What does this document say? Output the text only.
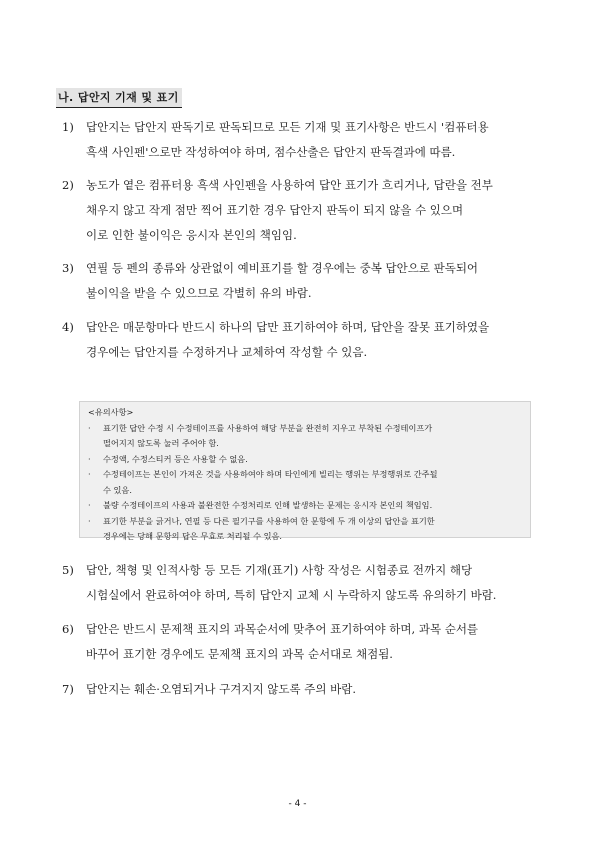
나. 답안지 기재 및 표기
1) 답안지는 답안지 판독기로 판독되므로 모든 기재 및 표기사항은 반드시 '컴퓨터용
흑색 사인펜'으로만 작성하여야 하며, 점수산출은 답안지 판독결과에 따름.
2) 농도가 옅은 컴퓨터용 흑색 사인펜을 사용하여 답안 표기가 흐리거나, 답란을 전부
채우지 않고 작게 점만 찍어 표기한 경우 답안지 판독이 되지 않을 수 있으며
이로 인한 불이익은 응시자 본인의 책임임.
3) 연필 등 펜의 종류와 상관없이 예비표기를 할 경우에는 중복 답안으로 판독되어
불이익을 받을 수 있으므로 각별히 유의 바람.
4) 답안은 매문항마다 반드시 하나의 답만 표기하여야 하며, 답안을 잘못 표기하였을
경우에는 답안지를 수정하거나 교체하여 작성할 수 있음.
<유의사항>
· 표기한 답안 수정 시 수정테이프를 사용하여 해당 부분을 완전히 지우고 부착된 수정테이프가
떨어지지 않도록 눌러 주어야 함.
· 수정액, 수정스티커 등은 사용할 수 없음.
· 수정테이프는 본인이 가져온 것을 사용하여야 하며 타인에게 빌리는 행위는 부정행위로 간주될
수 있음.
· 불량 수정테이프의 사용과 불완전한 수정처리로 인해 발생하는 문제는 응시자 본인의 책임임.
· 표기한 부분을 긁거나, 연필 등 다른 필기구를 사용하여 한 문항에 두 개 이상의 답안을 표기한
경우에는 당해 문항의 답은 무효로 처리될 수 있음.
5) 답안, 책형 및 인적사항 등 모든 기재(표기) 사항 작성은 시험종료 전까지 해당
시험실에서 완료하여야 하며, 특히 답안지 교체 시 누락하지 않도록 유의하기 바람.
6) 답안은 반드시 문제책 표지의 과목순서에 맞추어 표기하여야 하며, 과목 순서를
바꾸어 표기한 경우에도 문제책 표지의 과목 순서대로 채점됨.
7) 답안지는 훼손·오염되거나 구겨지지 않도록 주의 바람.
- 4 -
